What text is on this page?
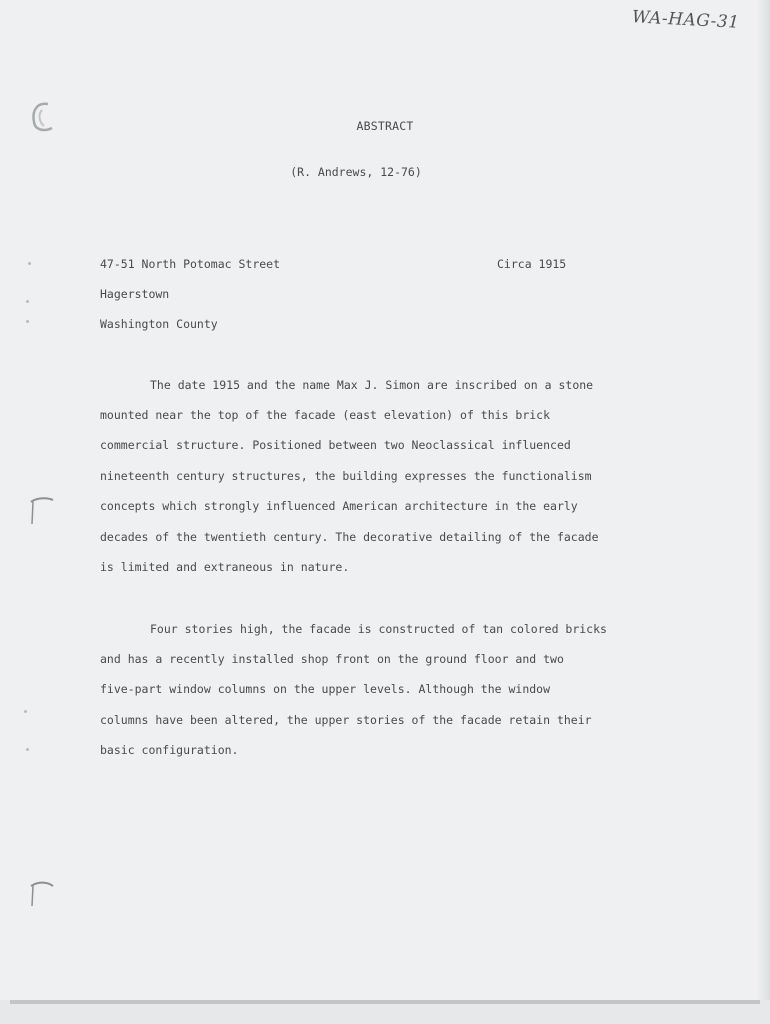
WA-HAG-31
ABSTRACT
(R. Andrews, 12-76)
47-51 North Potomac Street	Circa 1915
Hagerstown
Washington County
The date 1915 and the name Max J. Simon are inscribed on a stone
mounted near the top of the facade (east elevation) of this brick
commercial structure. Positioned between two Neoclassical influenced
nineteenth century structures, the building expresses the functionalism
concepts which strongly influenced American architecture in the early
decades of the twentieth century. The decorative detailing of the facade
is limited and extraneous in nature.
Four stories high, the facade is constructed of tan colored bricks
and has a recently installed shop front on the ground floor and two
five-part window columns on the upper levels. Although the window
columns have been altered, the upper stories of the facade retain their
basic configuration.
